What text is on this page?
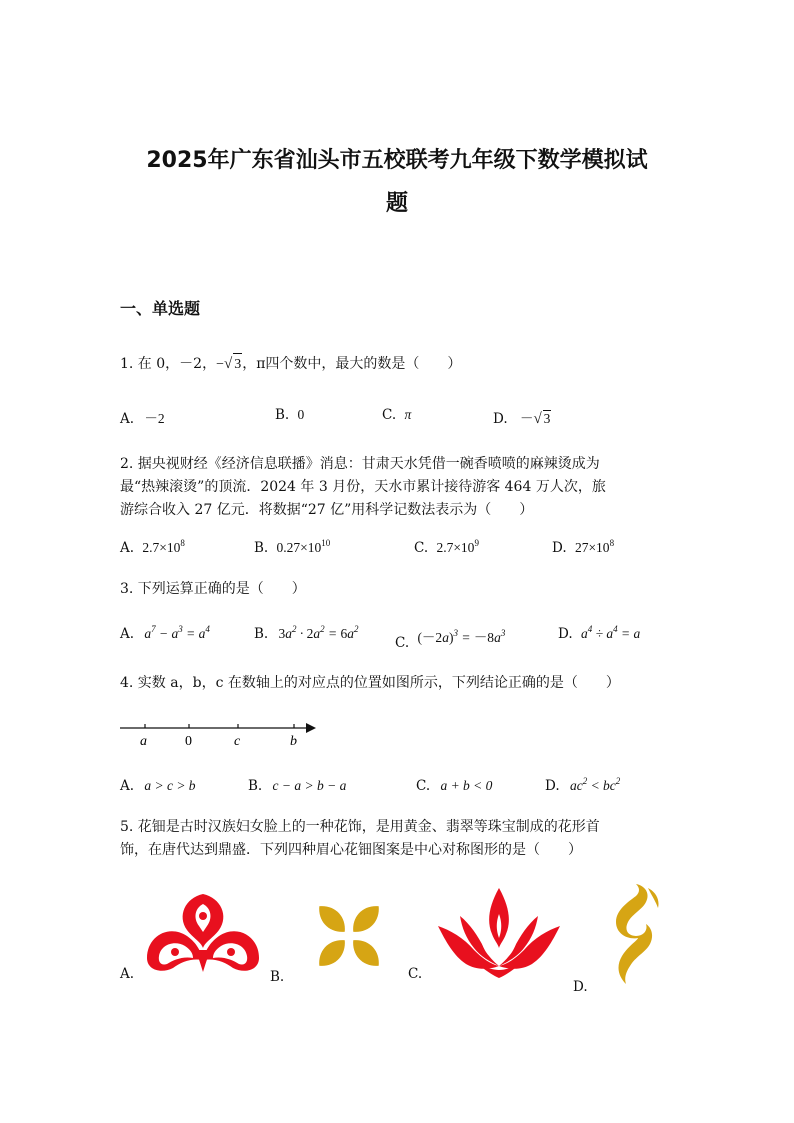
2025年广东省汕头市五校联考九年级下数学模拟试
题
一、单选题
1. 在 0，－2，−√ 3，π四个数中，最大的数是（　　）
A. －2	B. 0	C. π	D. －√ 3
2. 据央视财经《经济信息联播》消息：甘肃天水凭借一碗香喷喷的麻辣烫成为
最“热辣滚烫”的顶流．2024 年 3 月份，天水市累计接待游客 464 万人次，旅
游综合收入 27 亿元．将数据“27 亿”用科学记数法表示为（　　）
A. $2.7\times 10^8$	B. $0.27\times 10^{10}$	C. $2.7\times 10^9$	D. $27\times 10^8$
3. 下列运算正确的是（　　）
A. $a^7 - a^3 = a^4$	B. $3a^2 \cdot 2a^2 = 6a^2$
C. $(-2a)^3 = -8a^3$	D. $a^4 \div a^4 = a$
4. 实数 a，b，c 在数轴上的对应点的位置如图所示，下列结论正确的是（　　）
a	0	c	b
A. a > c > b	B. c − a > b − a	C. a + b < 0	D. $ac^2 < bc^2$
5. 花钿是古时汉族妇女脸上的一种花饰，是用黄金、翡翠等珠宝制成的花形首
饰，在唐代达到鼎盛．下列四种眉心花钿图案是中心对称图形的是（　　）
A.	B.	C.
D.
